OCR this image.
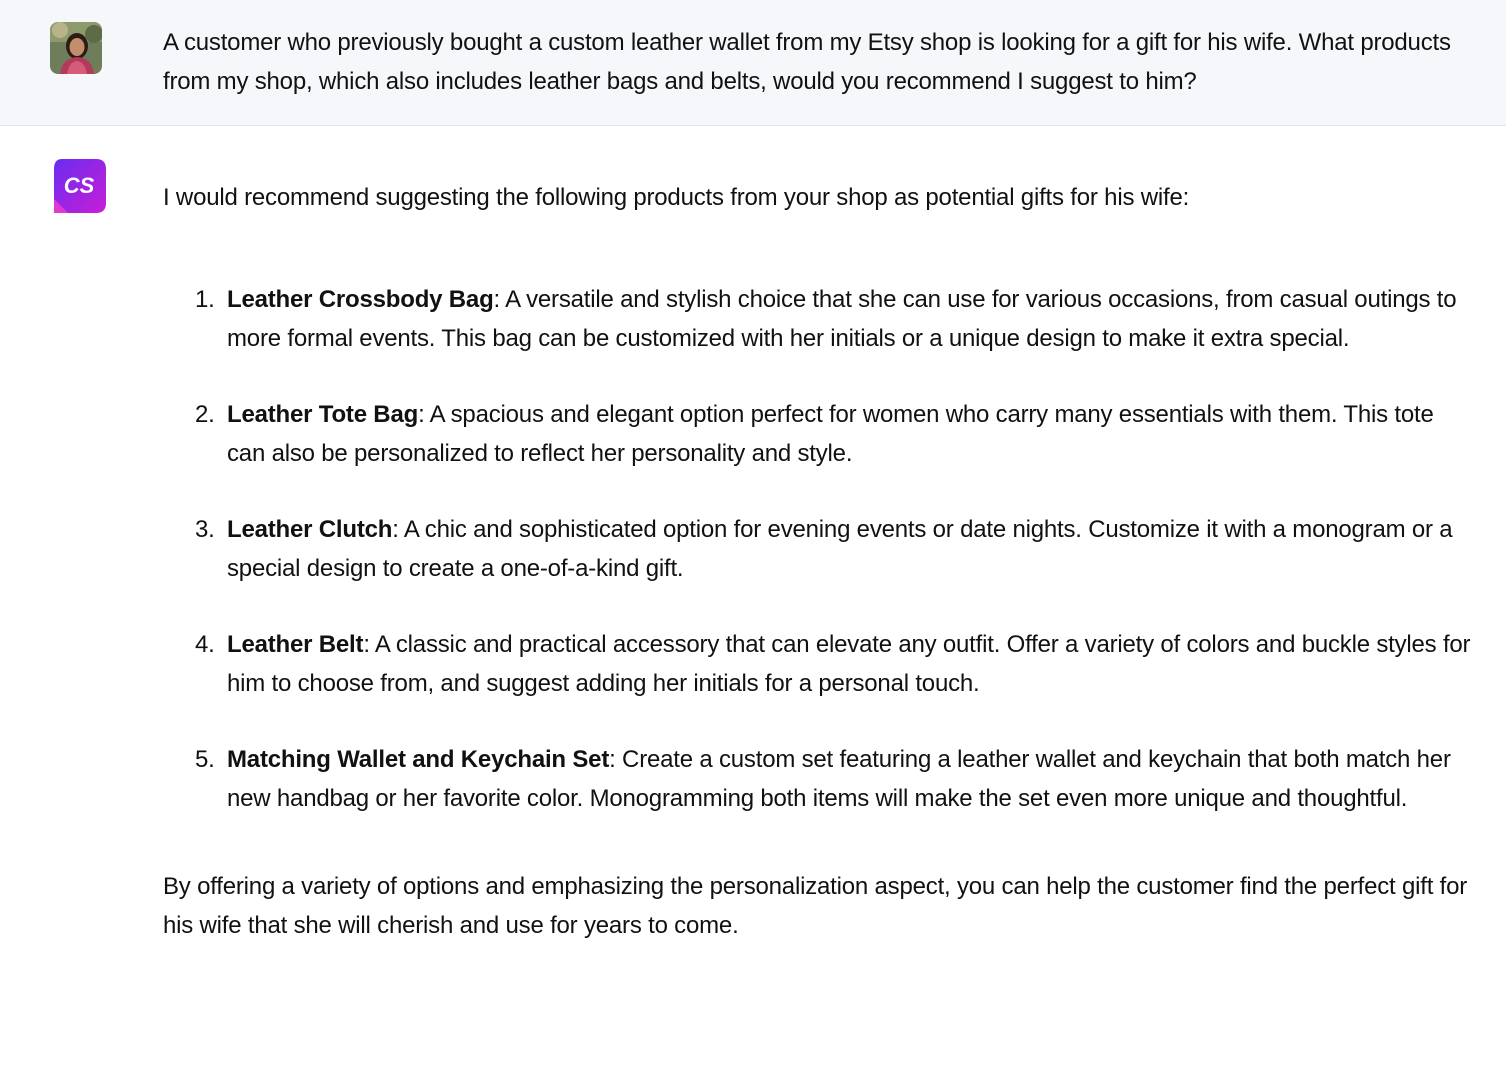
A customer who previously bought a custom leather wallet from my Etsy shop is looking for a gift for his wife. What products from my shop, which also includes leather bags and belts, would you recommend I suggest to him?
CS	I would recommend suggesting the following products from your shop as potential gifts for his wife:

1. Leather Crossbody Bag: A versatile and stylish choice that she can use for various occasions, from casual outings to more formal events. This bag can be customized with her initials or a unique design to make it extra special.
2. Leather Tote Bag: A spacious and elegant option perfect for women who carry many essentials with them. This tote can also be personalized to reflect her personality and style.
3. Leather Clutch: A chic and sophisticated option for evening events or date nights. Customize it with a monogram or a special design to create a one-of-a-kind gift.
4. Leather Belt: A classic and practical accessory that can elevate any outfit. Offer a variety of colors and buckle styles for him to choose from, and suggest adding her initials for a personal touch.
5. Matching Wallet and Keychain Set: Create a custom set featuring a leather wallet and keychain that both match her new handbag or her favorite color. Monogramming both items will make the set even more unique and thoughtful.

By offering a variety of options and emphasizing the personalization aspect, you can help the customer find the perfect gift for his wife that she will cherish and use for years to come.
